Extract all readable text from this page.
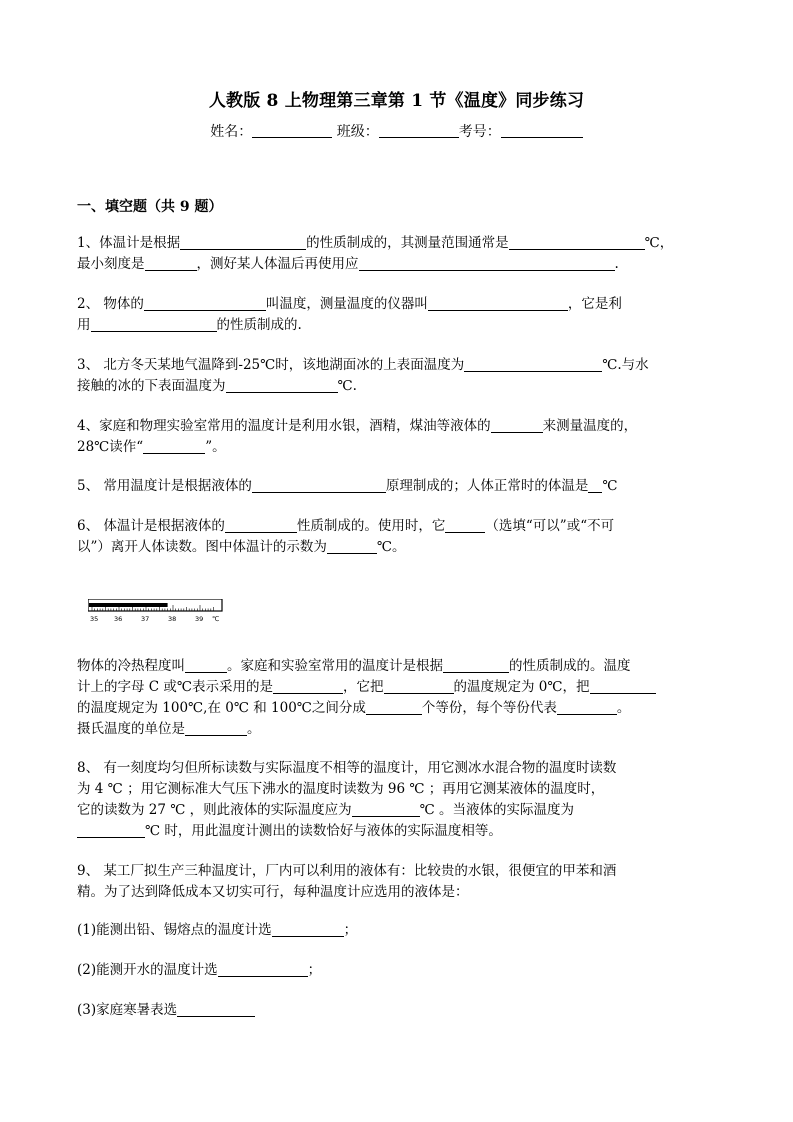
人教版 8 上物理第三章第 1 节《温度》同步练习
姓名：	班级：	考号：
一、填空题（共 9 题）
1、体温计是根据	的性质制成的，其测量范围通常是	℃，
最小刻度是	，测好某人体温后再使用应	.
2、 物体的	叫温度，测量温度的仪器叫	，它是利
用	的性质制成的.
3、 北方冬天某地气温降到-25℃时，该地湖面冰的上表面温度为	℃.与水
接触的冰的下表面温度为	℃.
4、家庭和物理实验室常用的温度计是利用水银，酒精，煤油等液体的	来测量温度的，
28℃读作“	”。
5、 常用温度计是根据液体的	原理制成的；人体正常时的体温是 ℃
6、 体温计是根据液体的	性质制成的。使用时，它	（选填“可以”或“不可
以”）离开人体读数。图中体温计的示数为	℃。
35 36	37	38	39 ℃
物体的冷热程度叫	。家庭和实验室常用的温度计是根据	的性质制成的。温度
计上的字母 C 或℃表示采用的是	，它把	的温度规定为 0℃，把
的温度规定为 100℃,在 0℃ 和 100℃之间分成	个等份，每个等份代表	。
摄氏温度的单位是	。
8、 有一刻度均匀但所标读数与实际温度不相等的温度计，用它测冰水混合物的温度时读数
为 4 ℃ ；用它测标准大气压下沸水的温度时读数为 96 ℃ ；再用它测某液体的温度时，
它的读数为 27 ℃ ，则此液体的实际温度应为	℃ 。当液体的实际温度为
℃ 时，用此温度计测出的读数恰好与液体的实际温度相等。
9、 某工厂拟生产三种温度计，厂内可以利用的液体有：比较贵的水银，很便宜的甲苯和酒
精。为了达到降低成本又切实可行，每种温度计应选用的液体是：
(1)能测出铅、锡熔点的温度计选	；
(2)能测开水的温度计选	；
(3)家庭寒暑表选
